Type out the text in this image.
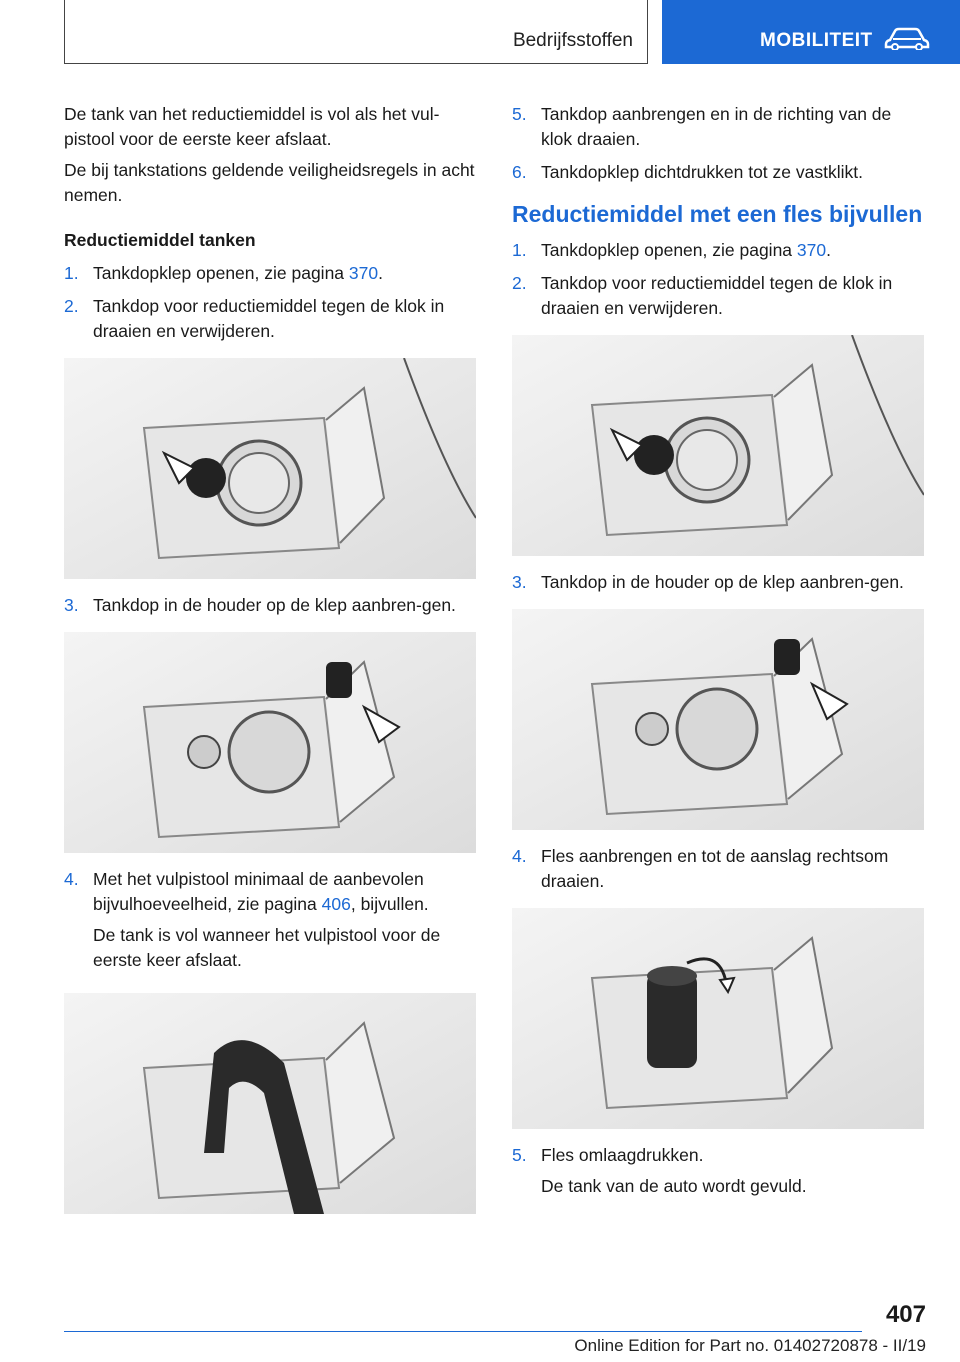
Bedrijfsstoffen	MOBILITEIT

De tank van het reductiemiddel is vol als het vul-pistool voor de eerste keer afslaat.

De bij tankstations geldende veiligheidsregels in acht nemen.

Reductiemiddel tanken
1. Tankdopklep openen, zie pagina 370.
2. Tankdop voor reductiemiddel tegen de klok in draaien en verwijderen.
3. Tankdop in de houder op de klep aanbren-gen.
4. Met het vulpistool minimaal de aanbevolen bijvulhoeveelheid, zie pagina 406, bijvullen.

De tank is vol wanneer het vulpistool voor de eerste keer afslaat.

5. Tankdop aanbrengen en in de richting van de klok draaien.
6. Tankdopklep dichtdrukken tot ze vastklikt.
Reductiemiddel met een fles bijvullen
1. Tankdopklep openen, zie pagina 370.
2. Tankdop voor reductiemiddel tegen de klok in draaien en verwijderen.
3. Tankdop in de houder op de klep aanbren-gen.
4. Fles aanbrengen en tot de aanslag rechtsom draaien.
5. Fles omlaagdrukken.

De tank van de auto wordt gevuld.

407
Online Edition for Part no. 01402720878 - II/19
